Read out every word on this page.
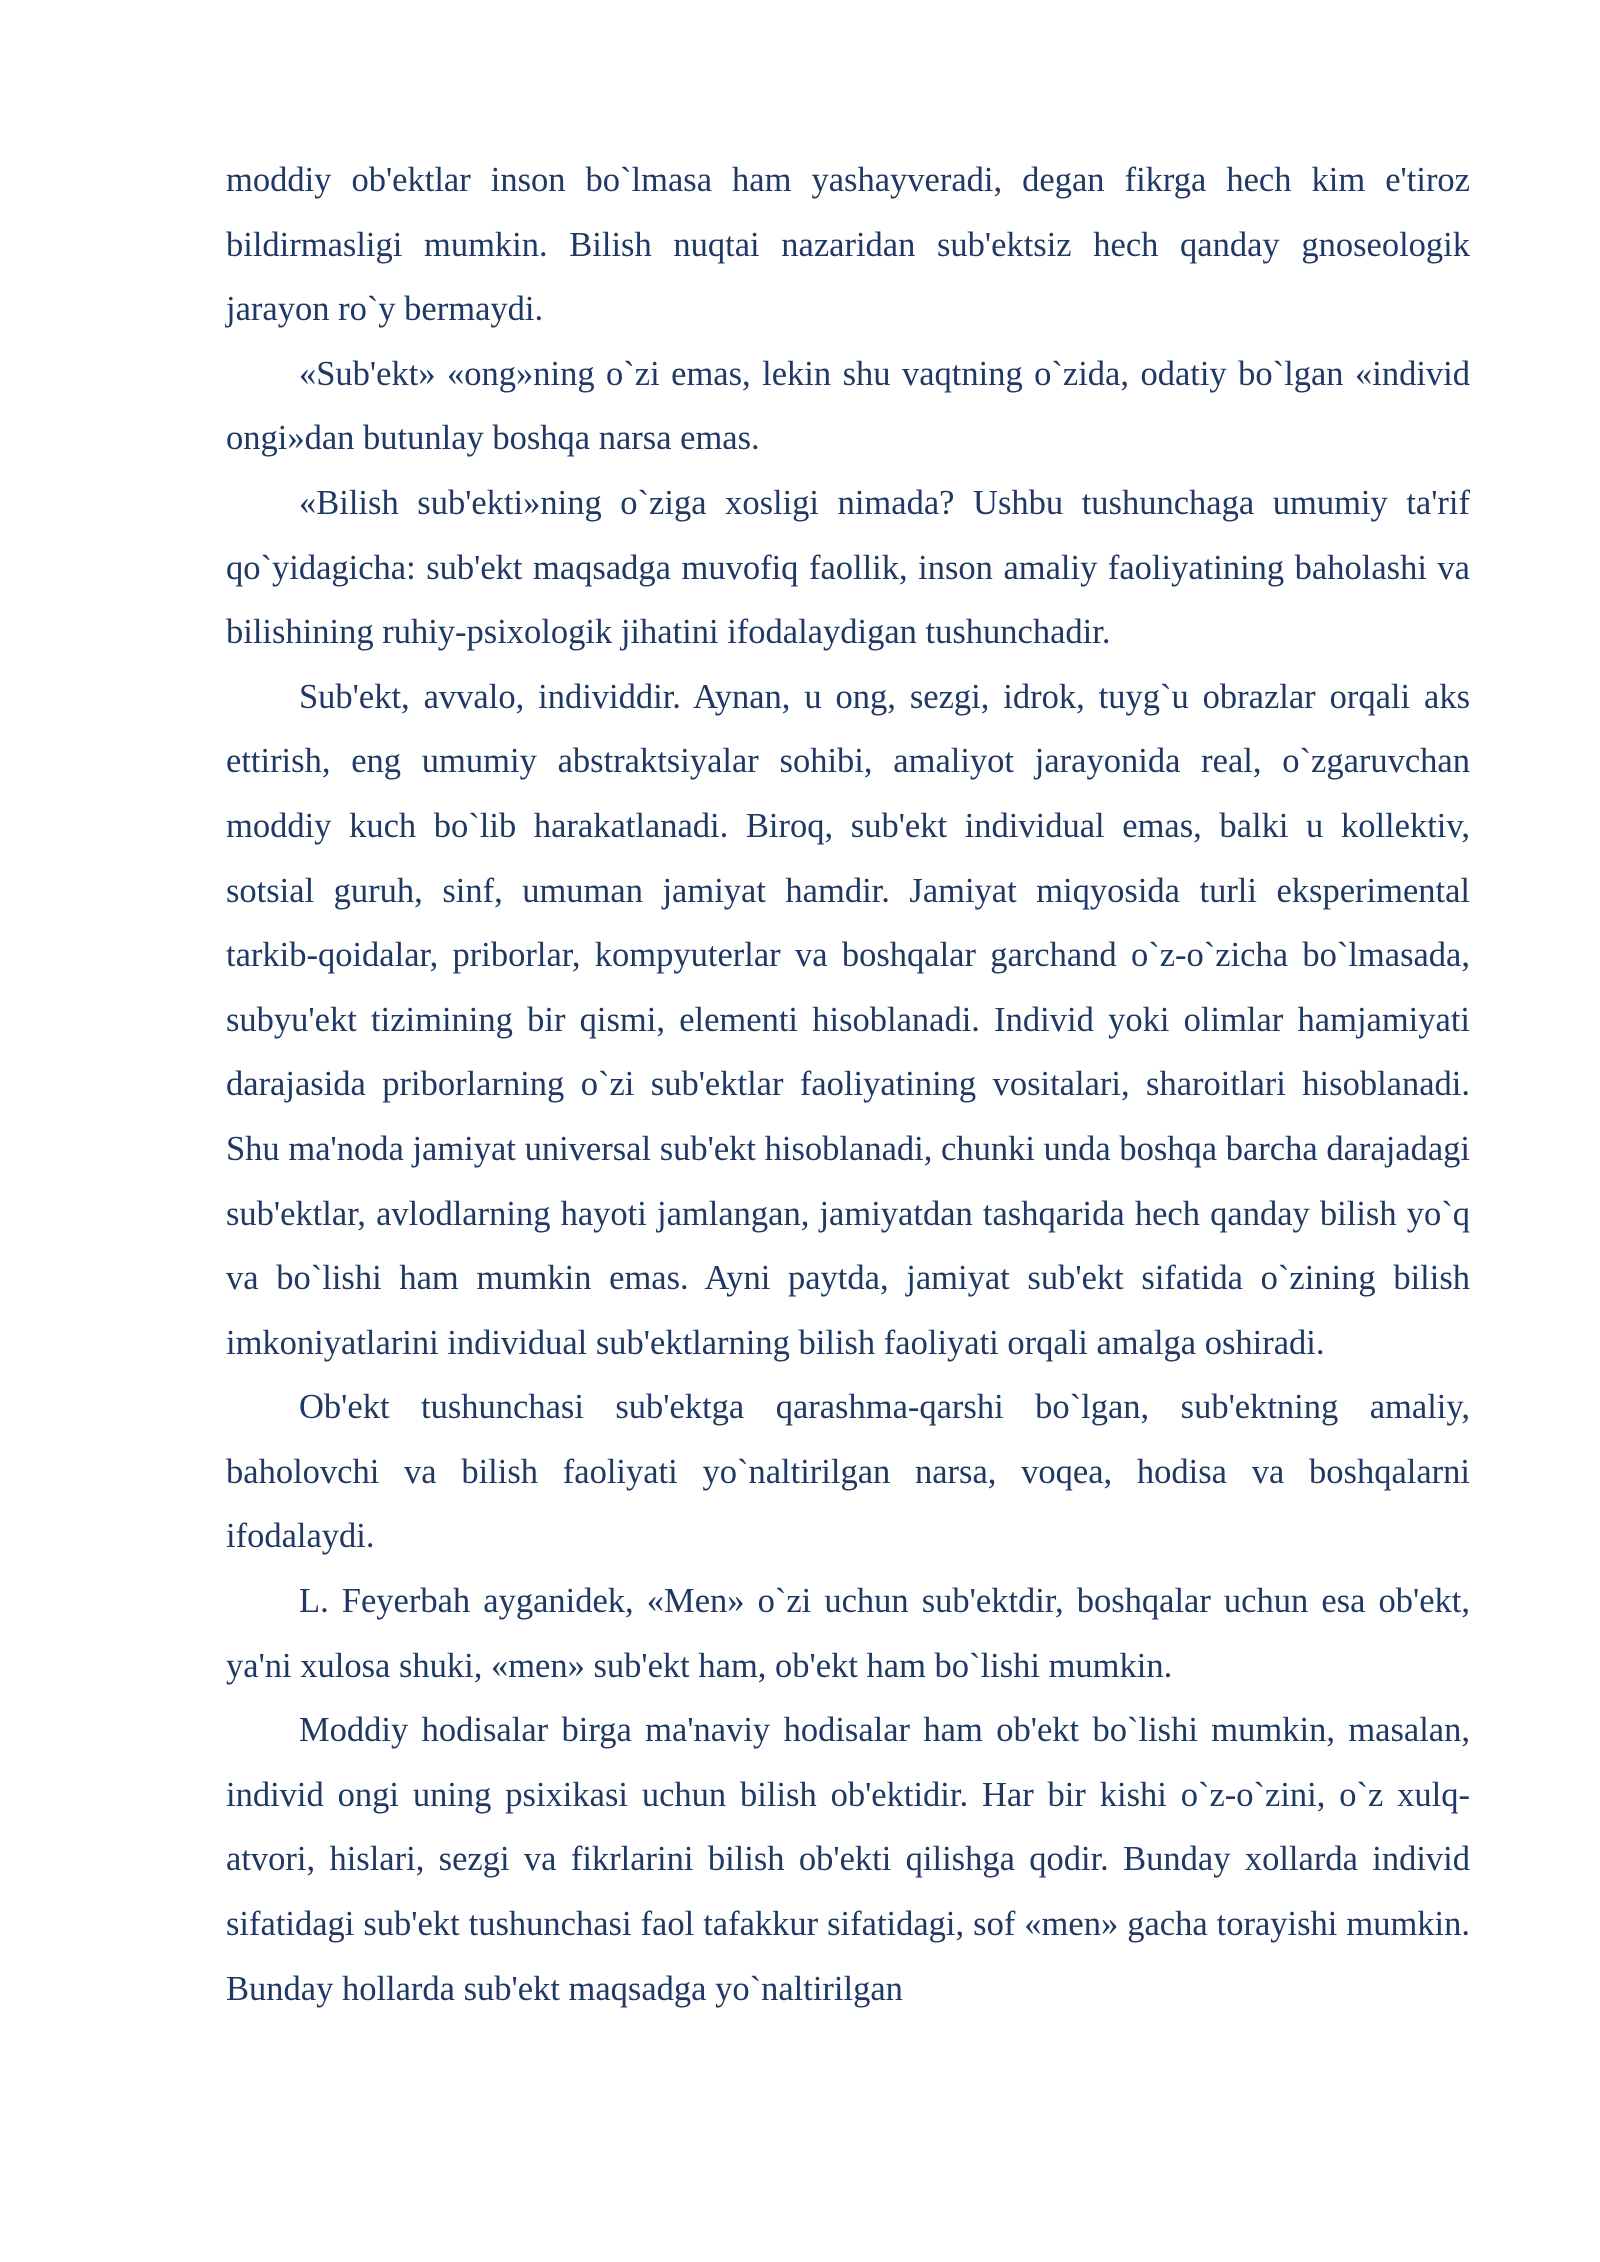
moddiy ob'ektlar inson bo`lmasa ham yashayveradi, degan fikrga hech kim e'tiroz bildirmasligi mumkin. Bilish nuqtai nazaridan sub'ektsiz hech qanday gnoseologik jarayon ro`y bermaydi.

«Sub'ekt» «ong»ning o`zi emas, lekin shu vaqtning o`zida, odatiy bo`lgan «individ ongi»dan butunlay boshqa narsa emas.

«Bilish sub'ekti»ning o`ziga xosligi nimada? Ushbu tushunchaga umumiy ta'rif qo`yidagicha: sub'ekt maqsadga muvofiq faollik, inson amaliy faoliyatining baholashi va bilishining ruhiy-psixologik jihatini ifodalaydigan tushunchadir.

Sub'ekt, avvalo, individdir. Aynan, u ong, sezgi, idrok, tuyg`u obrazlar orqali aks ettirish, eng umumiy abstraktsiyalar sohibi, amaliyot jarayonida real, o`zgaruvchan moddiy kuch bo`lib harakatlanadi. Biroq, sub'ekt individual emas, balki u kollektiv, sotsial guruh, sinf, umuman jamiyat hamdir. Jamiyat miqyosida turli eksperimental tarkib-qoidalar, priborlar, kompyuterlar va boshqalar garchand o`z-o`zicha bo`lmasada, subyu'ekt tizimining bir qismi, elementi hisoblanadi. Individ yoki olimlar hamjamiyati darajasida priborlarning o`zi sub'ektlar faoliyatining vositalari, sharoitlari hisoblanadi. Shu ma'noda jamiyat universal sub'ekt hisoblanadi, chunki unda boshqa barcha darajadagi sub'ektlar, avlodlarning hayoti jamlangan, jamiyatdan tashqarida hech qanday bilish yo`q va bo`lishi ham mumkin emas. Ayni paytda, jamiyat sub'ekt sifatida o`zining bilish imkoniyatlarini individual sub'ektlarning bilish faoliyati orqali amalga oshiradi.

Ob'ekt tushunchasi sub'ektga qarashma-qarshi bo`lgan, sub'ektning amaliy, baholovchi va bilish faoliyati yo`naltirilgan narsa, voqea, hodisa va boshqalarni ifodalaydi.

L. Feyerbah ayganidek, «Men» o`zi uchun sub'ektdir, boshqalar uchun esa ob'ekt, ya'ni xulosa shuki, «men» sub'ekt ham, ob'ekt ham bo`lishi mumkin.

Moddiy hodisalar birga ma'naviy hodisalar ham ob'ekt bo`lishi mumkin, masalan, individ ongi uning psixikasi uchun bilish ob'ektidir. Har bir kishi o`z-o`zini, o`z xulq-atvori, hislari, sezgi va fikrlarini bilish ob'ekti qilishga qodir. Bunday xollarda individ sifatidagi sub'ekt tushunchasi faol tafakkur sifatidagi, sof «men» gacha torayishi mumkin. Bunday hollarda sub'ekt maqsadga yo`naltirilgan
